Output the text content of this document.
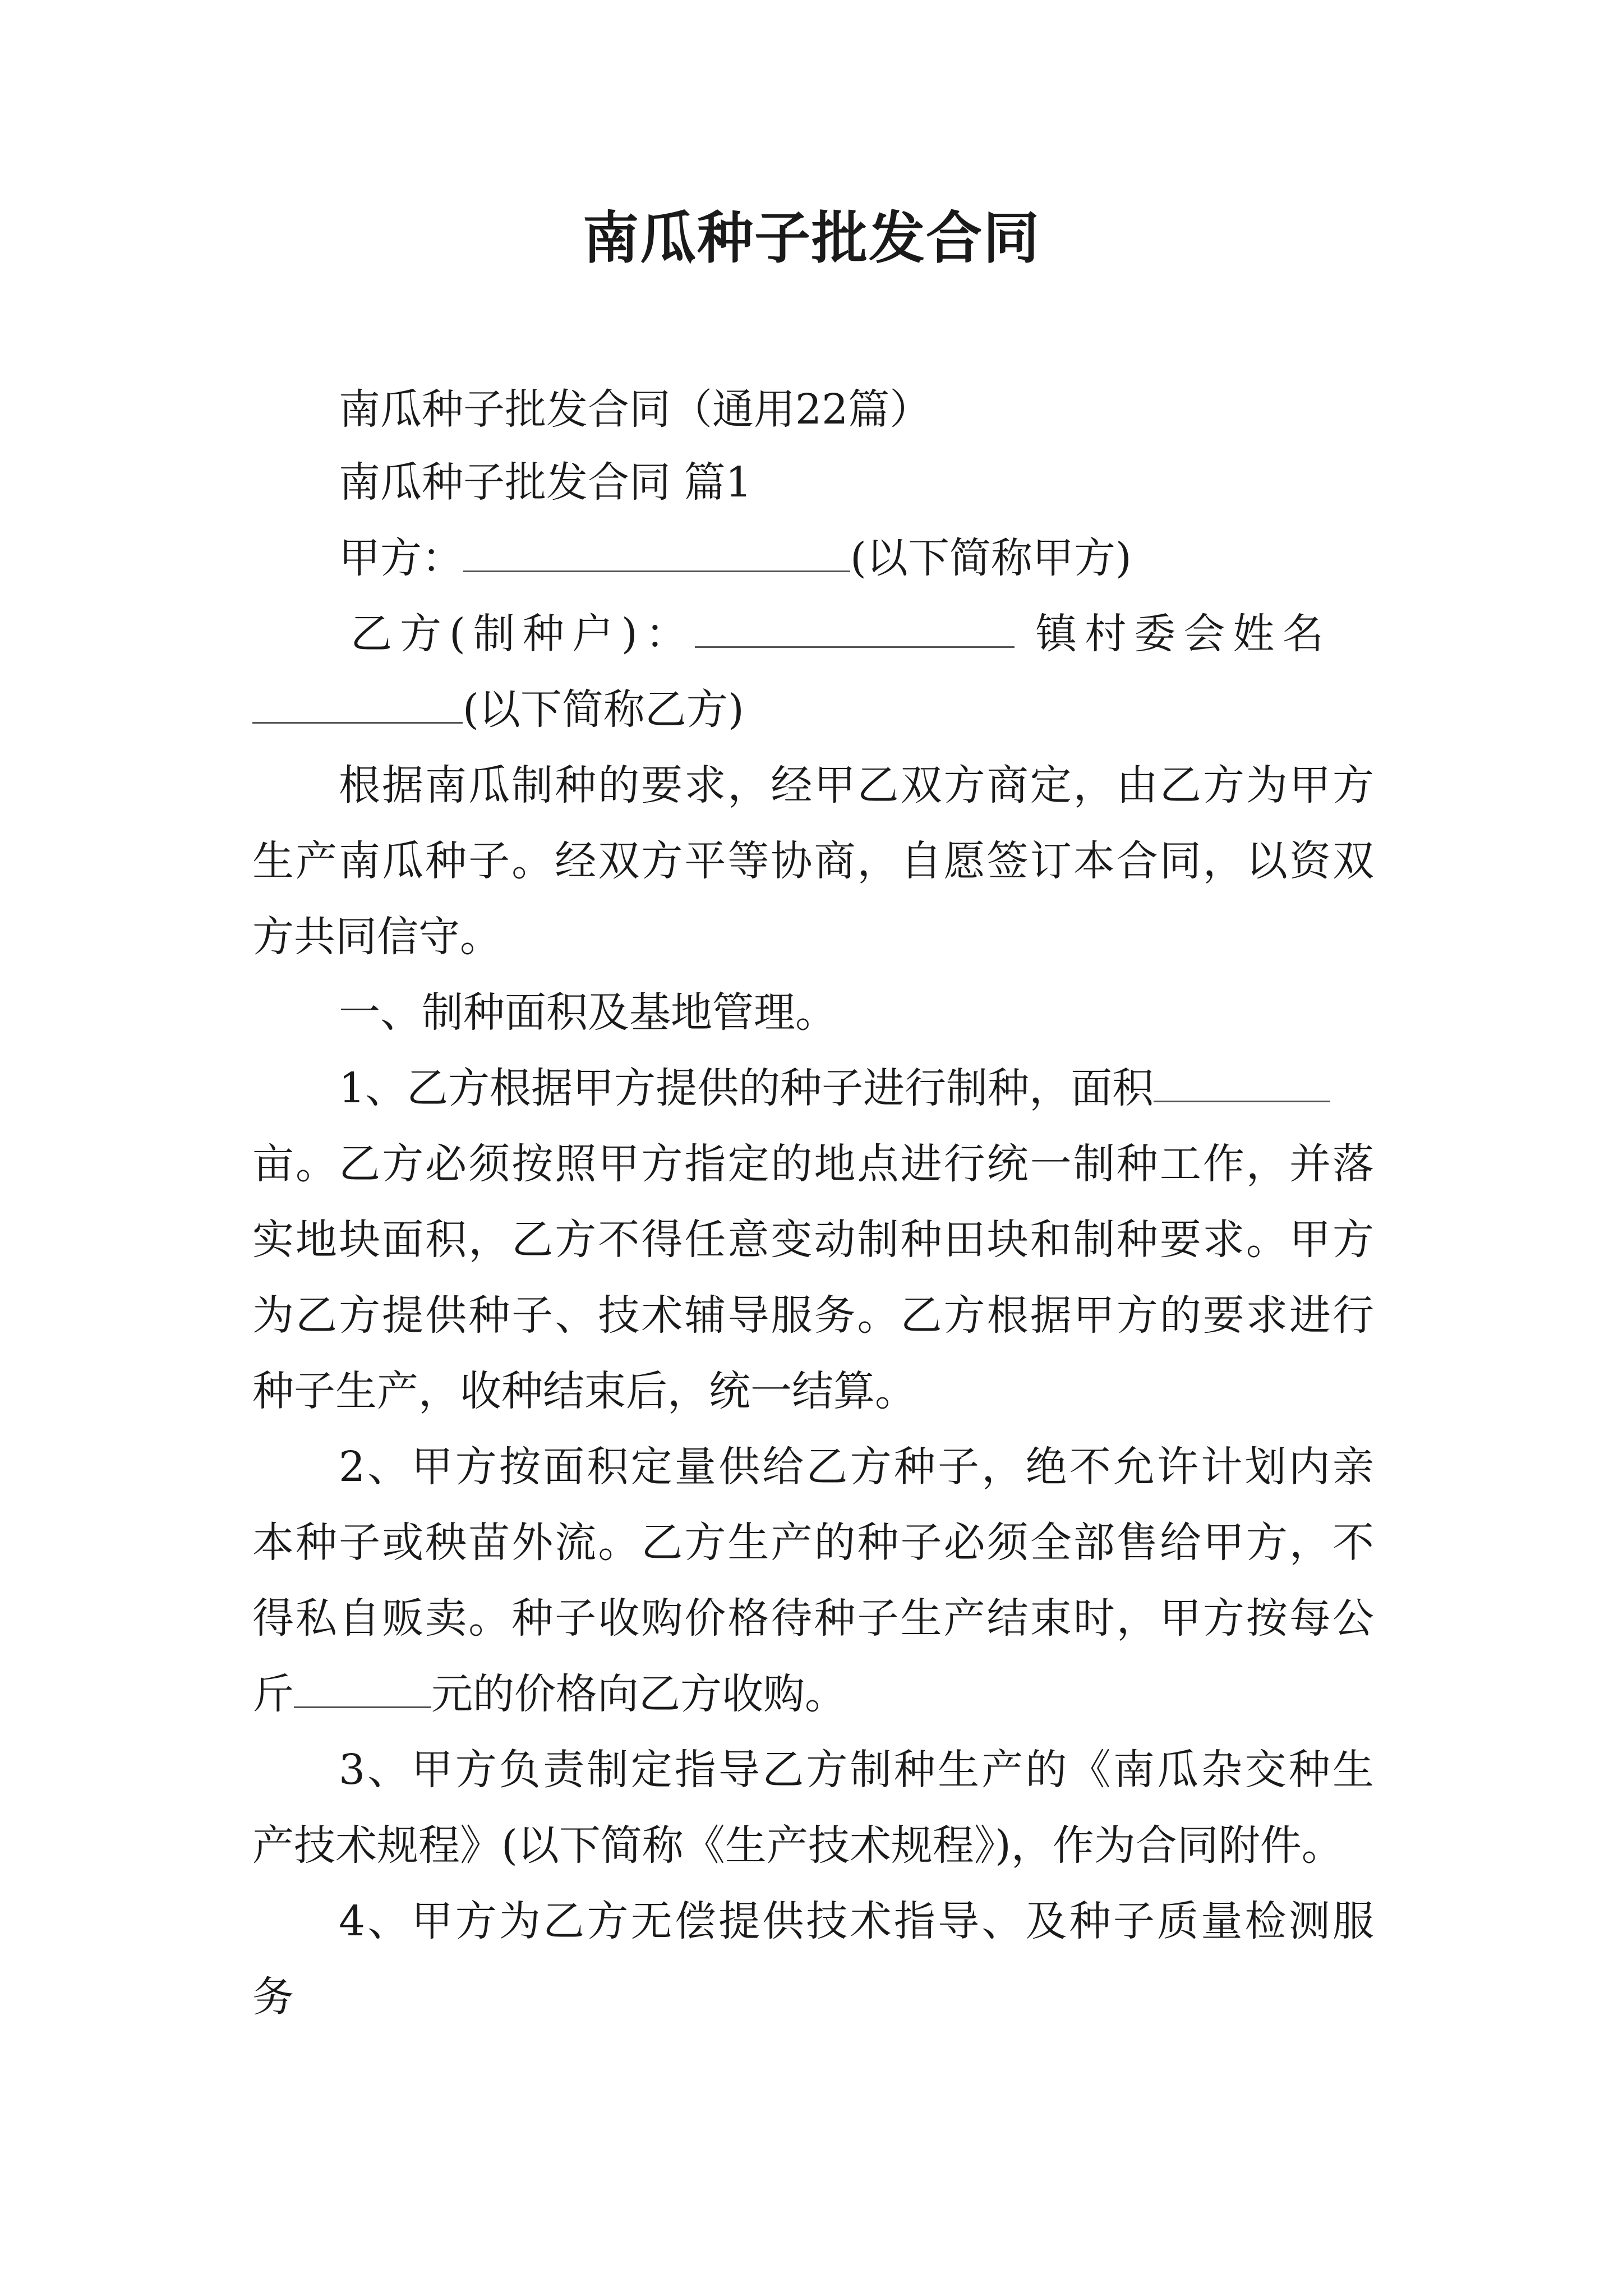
南瓜种子批发合同
南瓜种子批发合同（通用22篇）
南瓜种子批发合同 篇1
甲方：	(以下简称甲方)
乙方(制种户)：	镇村委会姓名
(以下简称乙方)
根据南瓜制种的要求，经甲乙双方商定，由乙方为甲方
生产南瓜种子。经双方平等协商，自愿签订本合同，以资双
方共同信守。
一、制种面积及基地管理。
1、乙方根据甲方提供的种子进行制种，面积
亩。乙方必须按照甲方指定的地点进行统一制种工作，并落
实地块面积，乙方不得任意变动制种田块和制种要求。甲方
为乙方提供种子、技术辅导服务。乙方根据甲方的要求进行
种子生产，收种结束后，统一结算。
2、甲方按面积定量供给乙方种子，绝不允许计划内亲
本种子或秧苗外流。乙方生产的种子必须全部售给甲方，不
得私自贩卖。种子收购价格待种子生产结束时，甲方按每公
斤	元的价格向乙方收购。
3、甲方负责制定指导乙方制种生产的《南瓜杂交种生
产技术规程》(以下简称《生产技术规程》)，作为合同附件。
4、甲方为乙方无偿提供技术指导、及种子质量检测服
务
